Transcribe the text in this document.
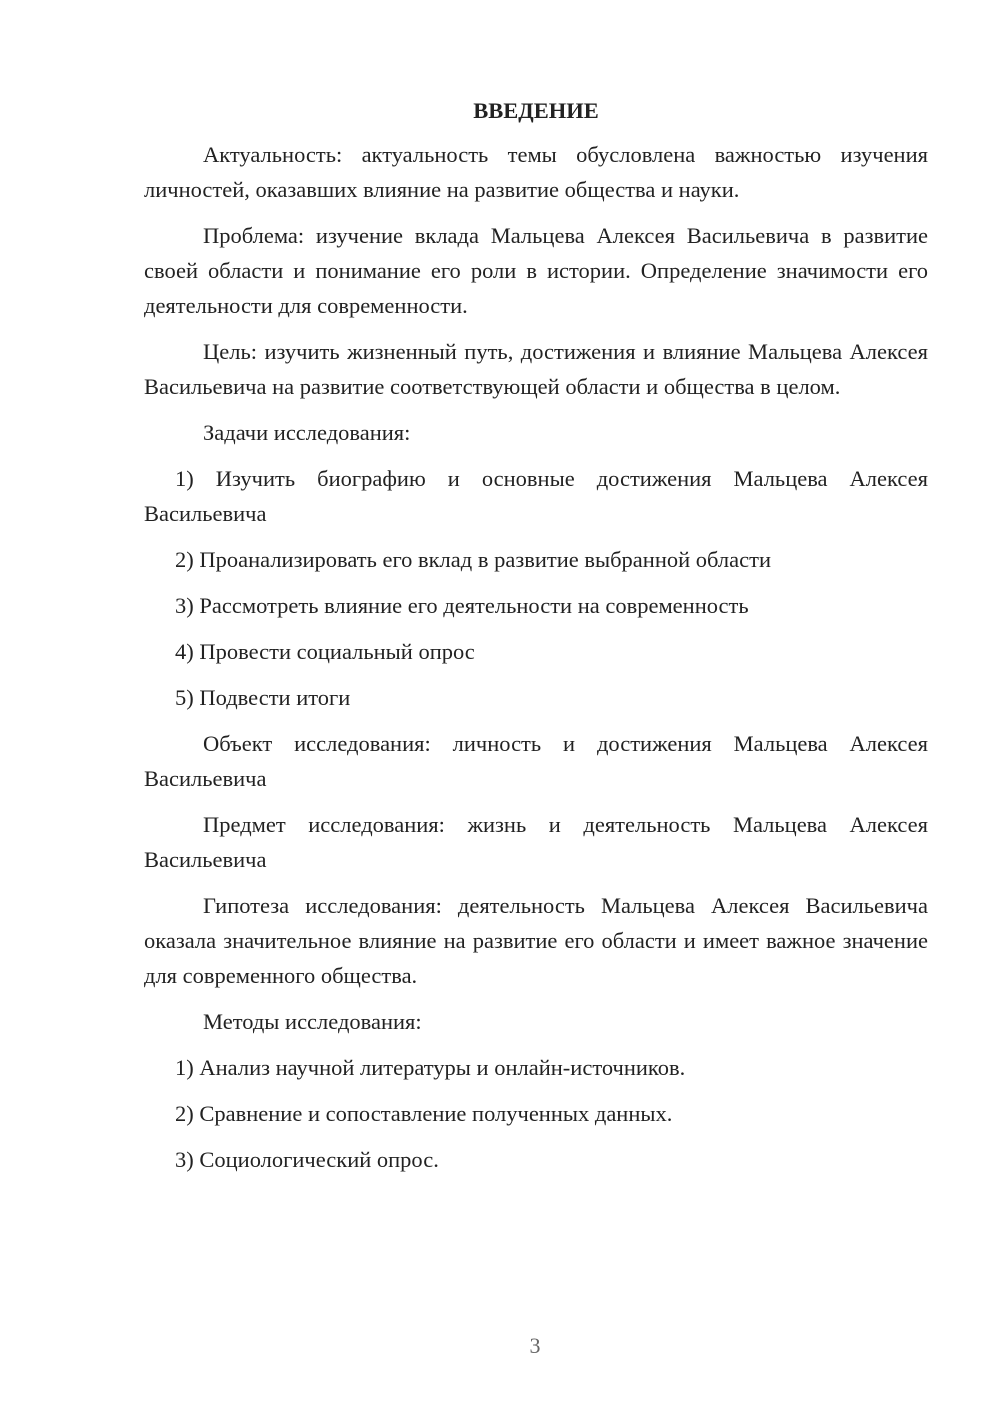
ВВЕДЕНИЕ

Актуальность: актуальность темы обусловлена важностью изучения личностей, оказавших влияние на развитие общества и науки.

Проблема: изучение вклада Мальцева Алексея Васильевича в развитие своей области и понимание его роли в истории. Определение значимости его деятельности для современности.

Цель: изучить жизненный путь, достижения и влияние Мальцева Алексея Васильевича на развитие соответствующей области и общества в целом.

Задачи исследования:

1) Изучить биографию и основные достижения Мальцева Алексея Васильевича

2) Проанализировать его вклад в развитие выбранной области

3) Рассмотреть влияние его деятельности на современность

4) Провести социальный опрос

5) Подвести итоги

Объект исследования: личность и достижения Мальцева Алексея Васильевича

Предмет исследования: жизнь и деятельность Мальцева Алексея Васильевича

Гипотеза исследования: деятельность Мальцева Алексея Васильевича оказала значительное влияние на развитие его области и имеет важное значение для современного общества.

Методы исследования:

1) Анализ научной литературы и онлайн-источников.

2) Сравнение и сопоставление полученных данных.

3) Социологический опрос.

3
